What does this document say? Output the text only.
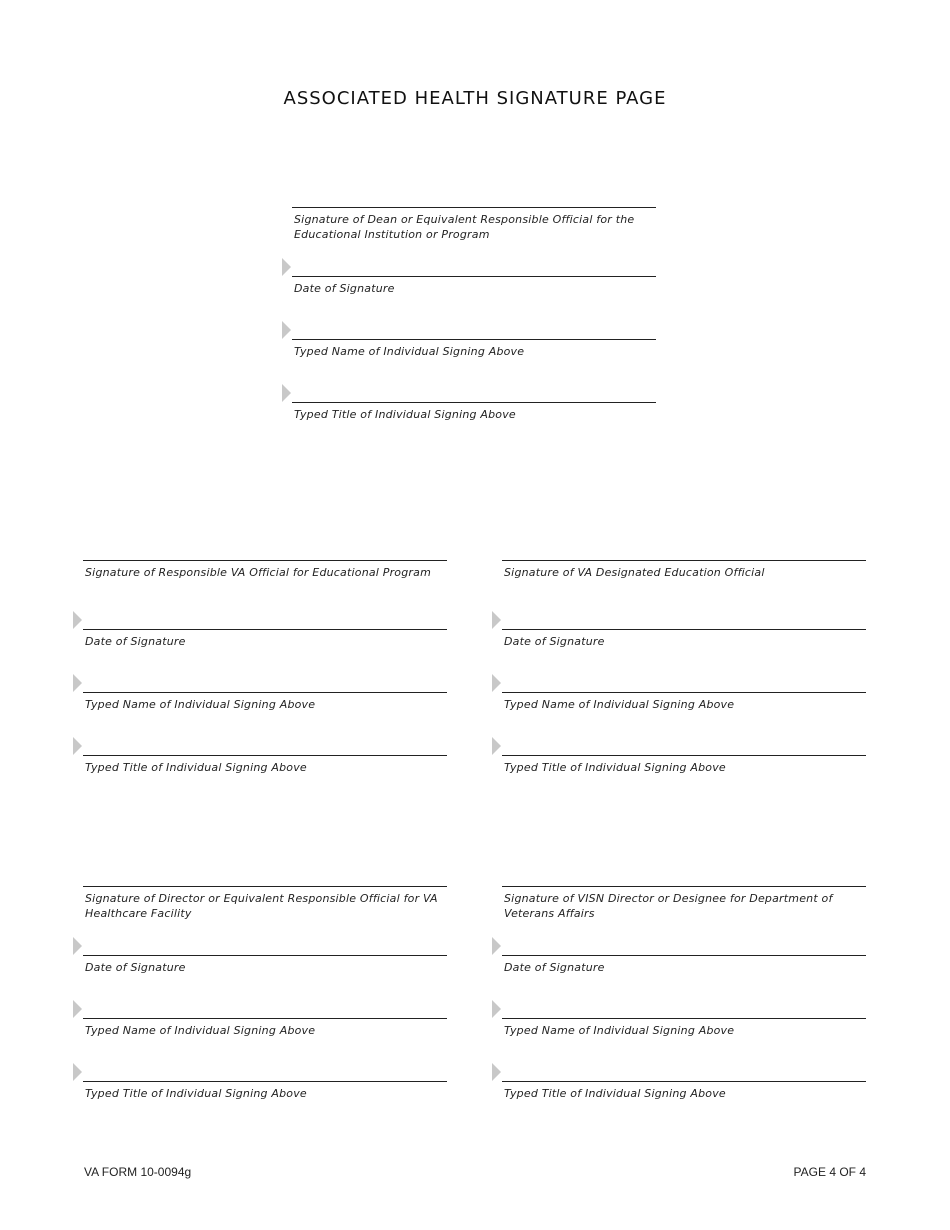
ASSOCIATED HEALTH SIGNATURE PAGE
Signature of Dean or Equivalent Responsible Official for the Educational Institution or Program
Date of Signature
Typed Name of Individual Signing Above
Typed Title of Individual Signing Above
Signature of Responsible VA Official for Educational Program
Date of Signature
Typed Name of Individual Signing Above
Typed Title of Individual Signing Above
Signature of VA Designated Education Official
Date of Signature
Typed Name of Individual Signing Above
Typed Title of Individual Signing Above
Signature of Director or Equivalent Responsible Official for VA Healthcare Facility
Date of Signature
Typed Name of Individual Signing Above
Typed Title of Individual Signing Above
Signature of VISN Director or Designee for Department of Veterans Affairs
Date of Signature
Typed Name of Individual Signing Above
Typed Title of Individual Signing Above
VA FORM 10-0094g	PAGE 4 OF 4
